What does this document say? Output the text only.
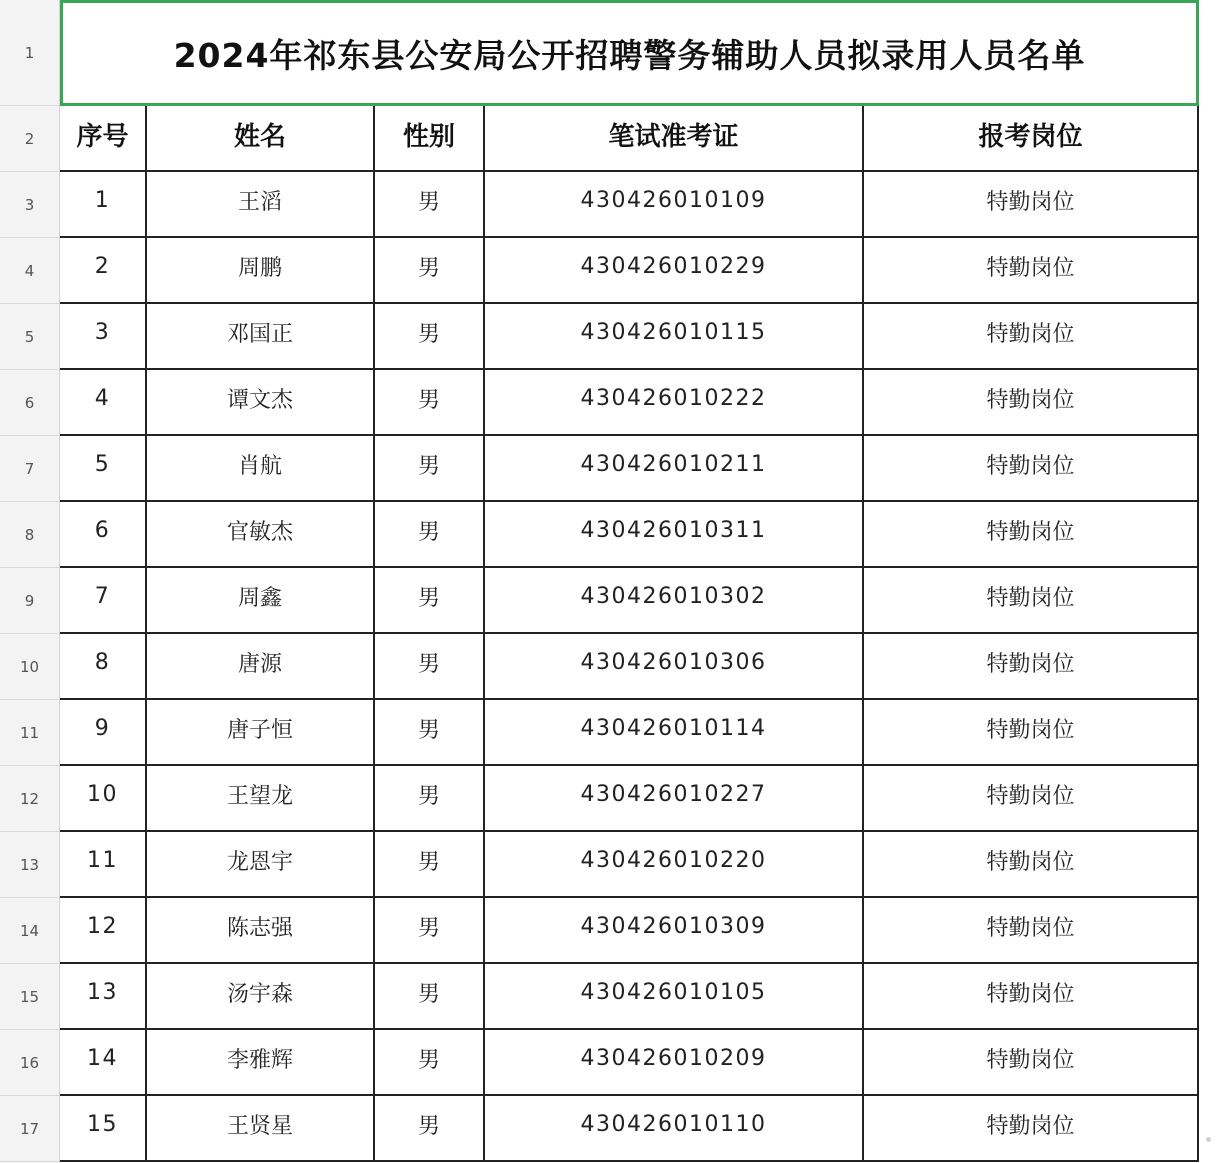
1
2
3
4
5
6
7
8
9
10
11
12
13
14
15
16
17
2024年祁东县公安局公开招聘警务辅助人员拟录用人员名单
序号	姓名	性别	笔试准考证	报考岗位
1	王滔	男	430426010109	特勤岗位
2	周鹏	男	430426010229	特勤岗位
3	邓国正	男	430426010115	特勤岗位
4	谭文杰	男	430426010222	特勤岗位
5	肖航	男	430426010211	特勤岗位
6	官敏杰	男	430426010311	特勤岗位
7	周鑫	男	430426010302	特勤岗位
8	唐源	男	430426010306	特勤岗位
9	唐子恒	男	430426010114	特勤岗位
10	王望龙	男	430426010227	特勤岗位
11	龙恩宇	男	430426010220	特勤岗位
12	陈志强	男	430426010309	特勤岗位
13	汤宇森	男	430426010105	特勤岗位
14	李雅辉	男	430426010209	特勤岗位
15	王贤星	男	430426010110	特勤岗位
